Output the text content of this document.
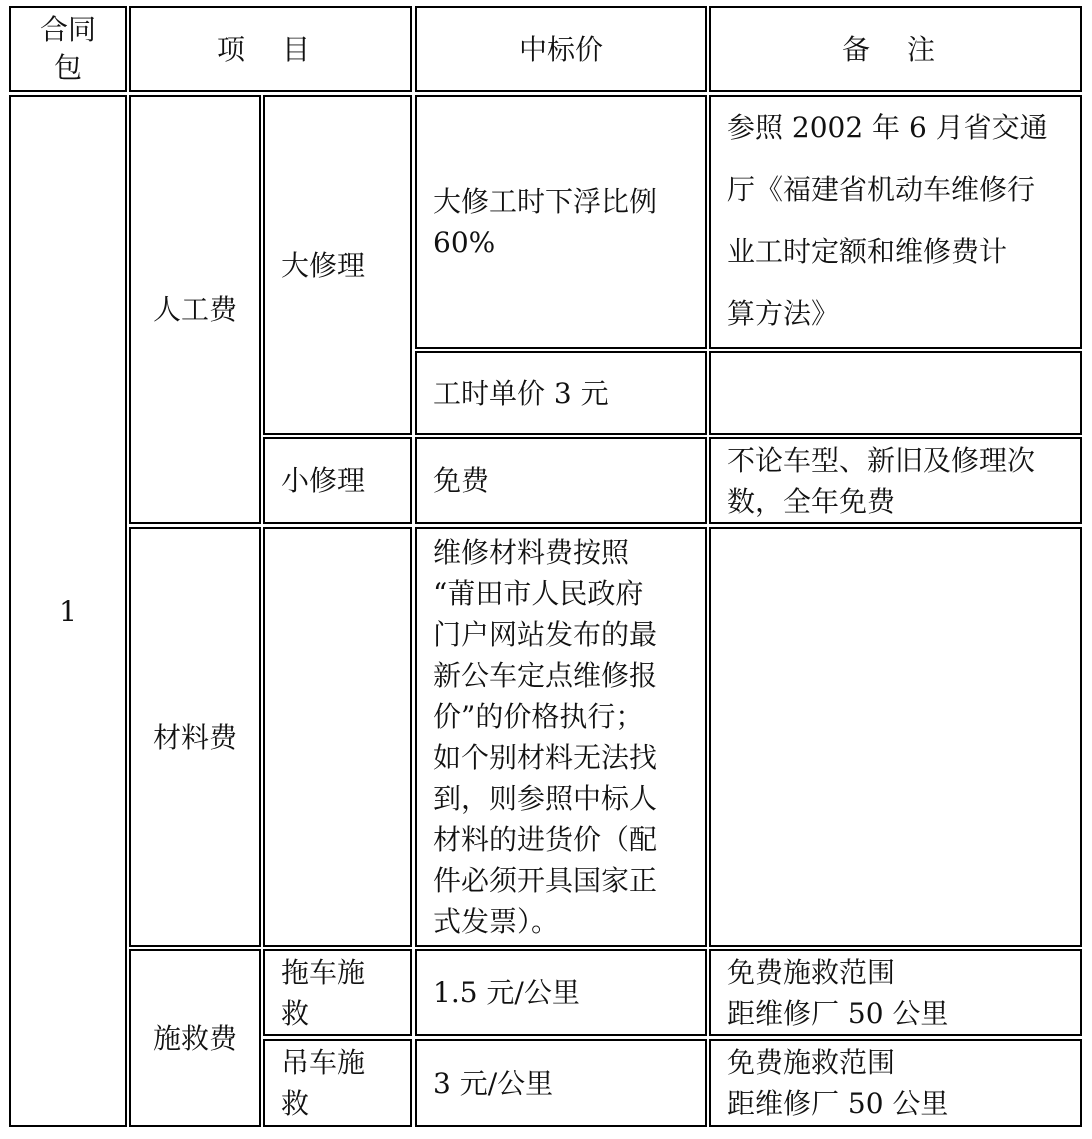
合同
包
项 目	中标价	备 注
1
人工费
大修理
大修工时下浮比例
60%
参照 2002 年 6 月省交通
厅《福建省机动车维修行
业工时定额和维修费计
算方法》
工时单价 3 元
小修理 免费
不论车型、新旧及修理次
数，全年免费
材料费
维修材料费按照
“莆田市人民政府
门户网站发布的最
新公车定点维修报
价”的价格执行；
如个别材料无法找
到，则参照中标人
材料的进货价（配
件必须开具国家正
式发票）。
施救费
拖车施
救
1.5 元/公里
免费施救范围
距维修厂 50 公里
吊车施
救
3 元/公里
免费施救范围
距维修厂 50 公里
